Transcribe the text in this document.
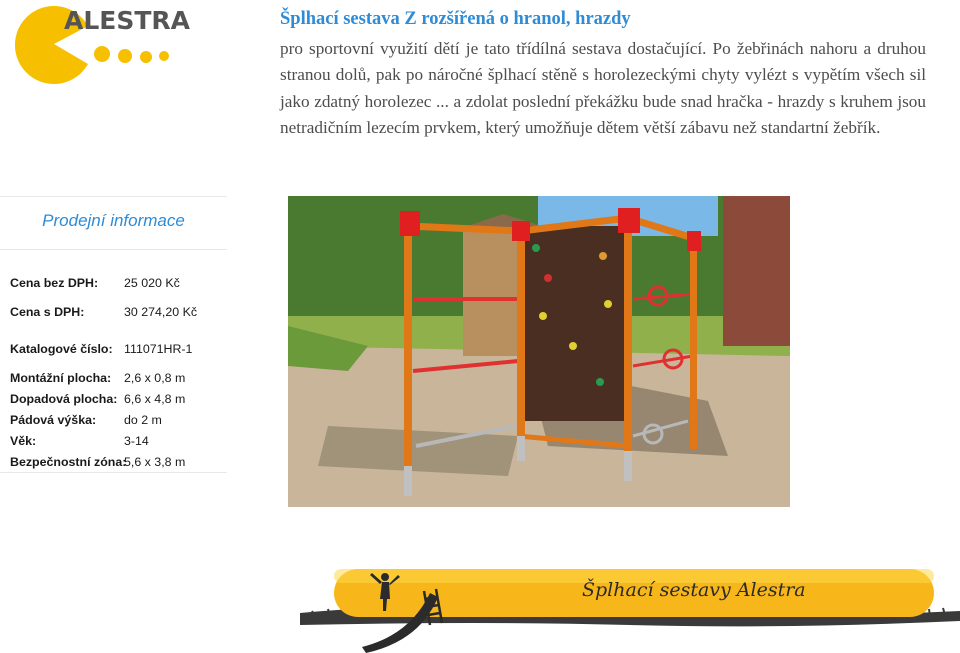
ALESTRA	Šplhací sestava Z rozšířená o hranol, hrazdy
pro sportovní využití dětí je tato třídílná sestava dostačující. Po žebřinách nahoru a druhou stranou dolů, pak po náročné šplhací stěně s horolezeckými chyty vylézt s vypětím všech sil jako zdatný horolezec ... a zdolat poslední překážku bude snad hračka - hrazdy s kruhem jsou netradičním lezecím prvkem, který umožňuje dětem větší zábavu než standartní žebřík.
Prodejní informace
Cena bez DPH: 25 020 Kč
Cena s DPH:	30 274,20 Kč
Katalogové číslo: 111071HR-1
Montážní plocha: 2,6 x 0,8 m
Dopadová plocha: 6,6 x 4,8 m
Pádová výška: do 2 m
Věk:	3-14
Bezpečnostní zóna:
5,6 x 3,8 m
Šplhací sestavy Alestra
